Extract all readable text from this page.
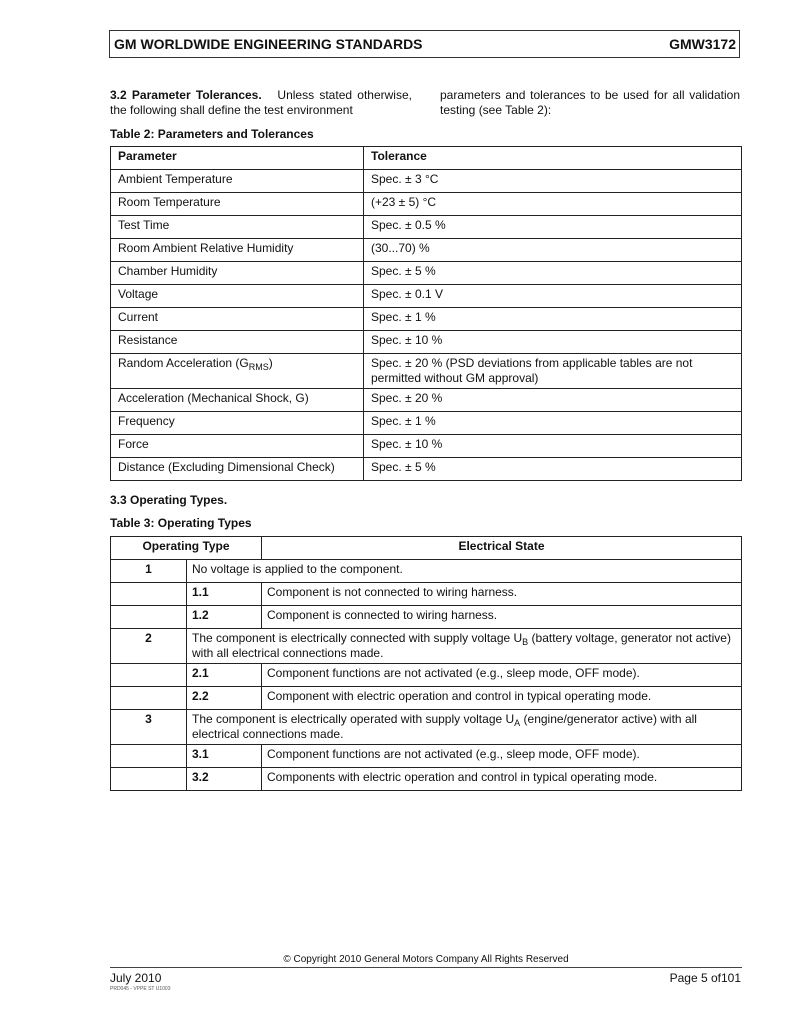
GM WORLDWIDE ENGINEERING STANDARDS	GMW3172
3.2 Parameter Tolerances. Unless stated otherwise, the following shall define the test environment
parameters and tolerances to be used for all validation testing (see Table 2):
Table 2: Parameters and Tolerances
Parameter	Tolerance
Ambient Temperature	Spec. ± 3 °C
Room Temperature	(+23 ± 5) °C
Test Time	Spec. ± 0.5 %
Room Ambient Relative Humidity	(30...70) %
Chamber Humidity	Spec. ± 5 %
Voltage	Spec. ± 0.1 V
Current	Spec. ± 1 %
Resistance	Spec. ± 10 %
Random Acceleration $(G_{RMS})$	Spec. ± 20 % (PSD deviations from applicable tables are not permitted without GM approval)
Acceleration (Mechanical Shock, G)	Spec. ± 20 %
Frequency	Spec. ± 1 %
Force	Spec. ± 10 %
Distance (Excluding Dimensional Check)	Spec. ± 5 %
3.3 Operating Types.
Table 3: Operating Types
Operating Type		Electrical State
1	No voltage is applied to the component.	
	1.1	Component is not connected to wiring harness.
	1.2	Component is connected to wiring harness.
2	The component is electrically connected with supply voltage $U_B$ (battery voltage, generator not active) with all electrical connections made.	
	2.1	Component functions are not activated (e.g., sleep mode, OFF mode).
	2.2	Component with electric operation and control in typical operating mode.
3	The component is electrically operated with supply voltage $U_A$ (engine/generator active) with all electrical connections made.	
	3.1	Component functions are not activated (e.g., sleep mode, OFF mode).
	3.2	Components with electric operation and control in typical operating mode.
© Copyright 2010 General Motors Company All Rights Reserved
July 2010	Page 5 of101
PRD045 - VPPE ST U1003
